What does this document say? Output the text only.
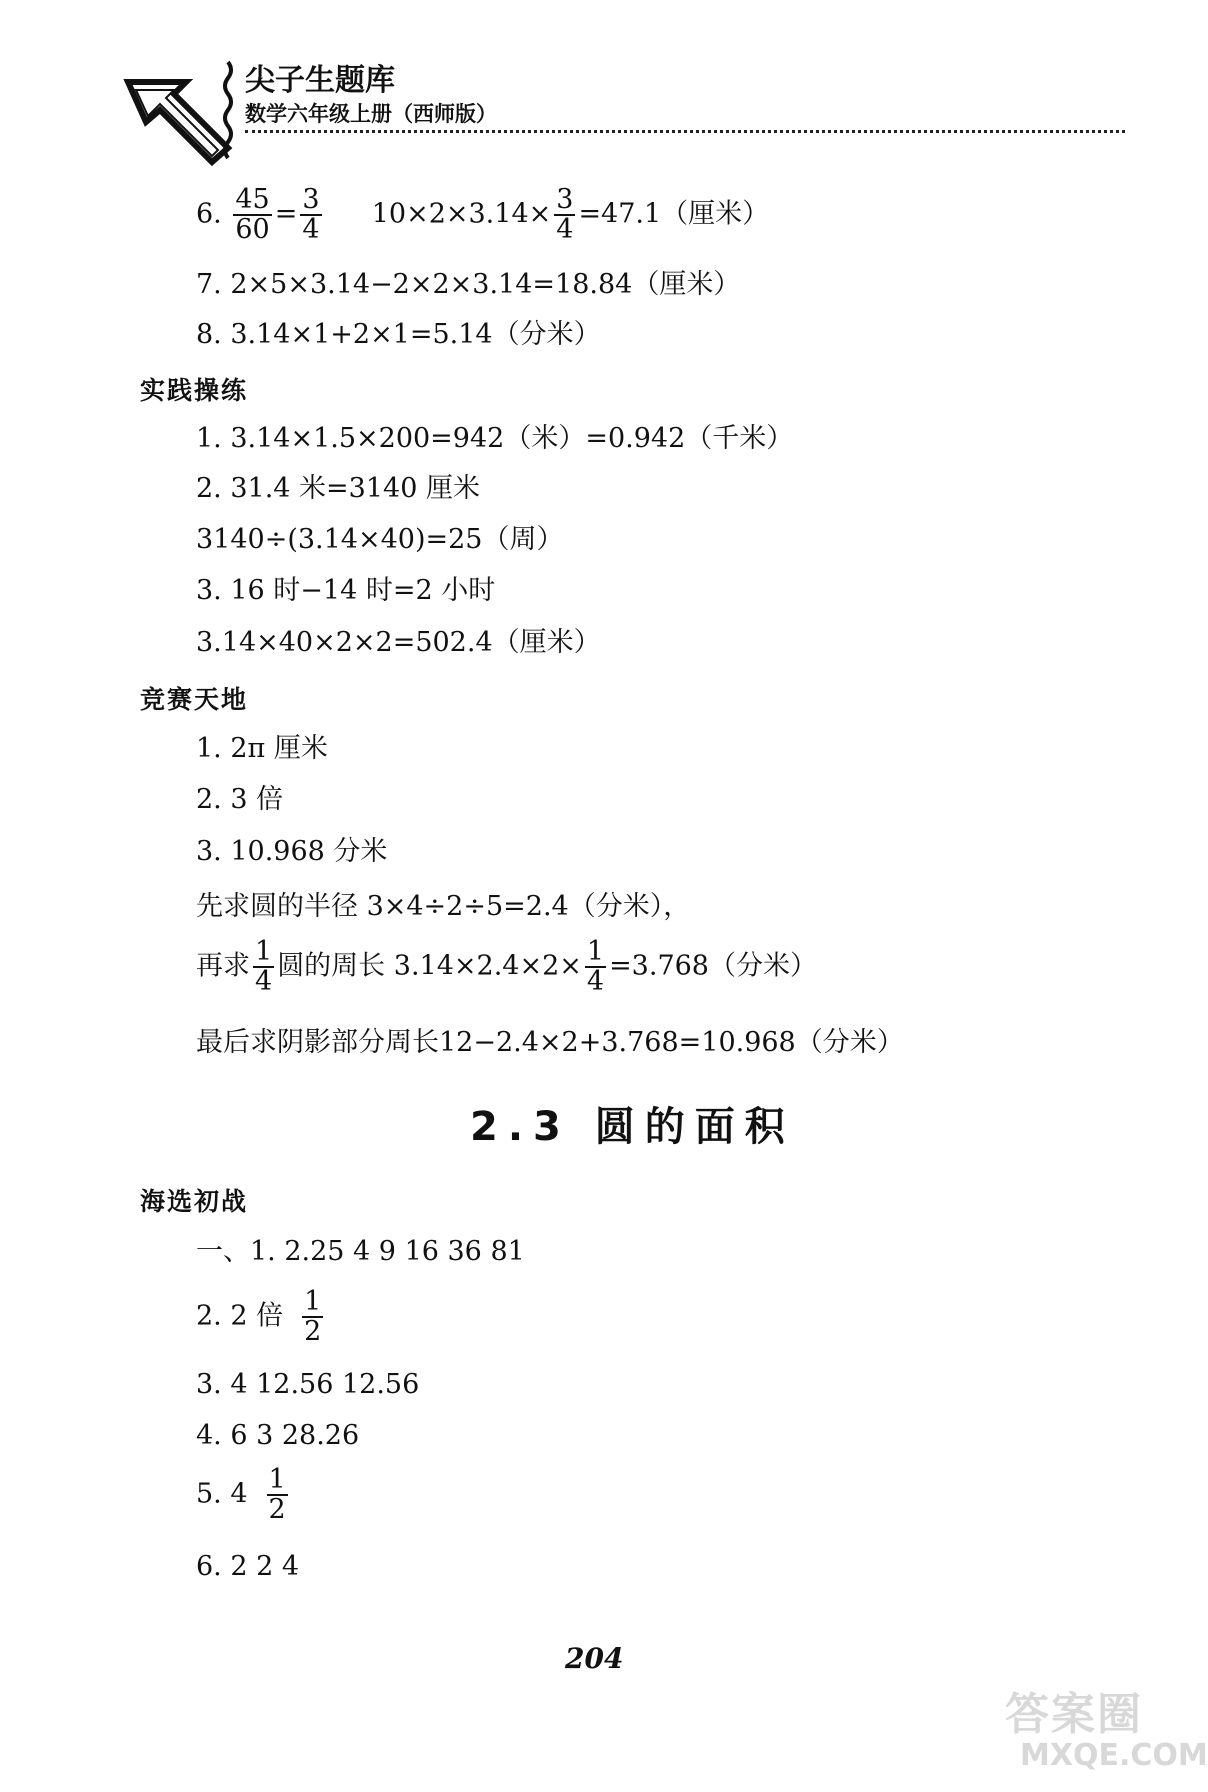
尖子生题库
数学六年级上册（西师版）
6. $\frac{45}{60} = \frac{3}{4} 10\times 2\times 3.14\times \frac{3}{4} =47.1$（厘米）
7. 2×5×3.14−2×2×3.14=18.84（厘米）
8. 3.14×1+2×1=5.14（分米）
实践操练
1. 3.14×1.5×200=942（米）=0.942（千米）
2. 31.4 米=3140 厘米
3140÷(3.14×40)=25（周）
3. 16 时−14 时=2 小时
3.14×40×2×2=502.4（厘米）
竞赛天地
1. 2π 厘米
2. 3 倍
3. 10.968 分米
先求圆的半径 3×4÷2÷5=2.4（分米），
再求 $\frac{1}{4}$ 圆的周长 $3.14\times 2.4\times 2\times \frac{1}{4} =3.768$（分米）
最后求阴影部分周长12−2.4×2+3.768=10.968（分米）
2.3 圆的面积
海选初战
一、1. 2.25 4 9 16 36 81
2. 2 倍 $\frac{1}{2}$
3. 4 12.56 12.56
4. 6 3 28.26
5. $4 \frac{1}{2}$
6. 2 2 4
204
答案圈
MXQE.COM
